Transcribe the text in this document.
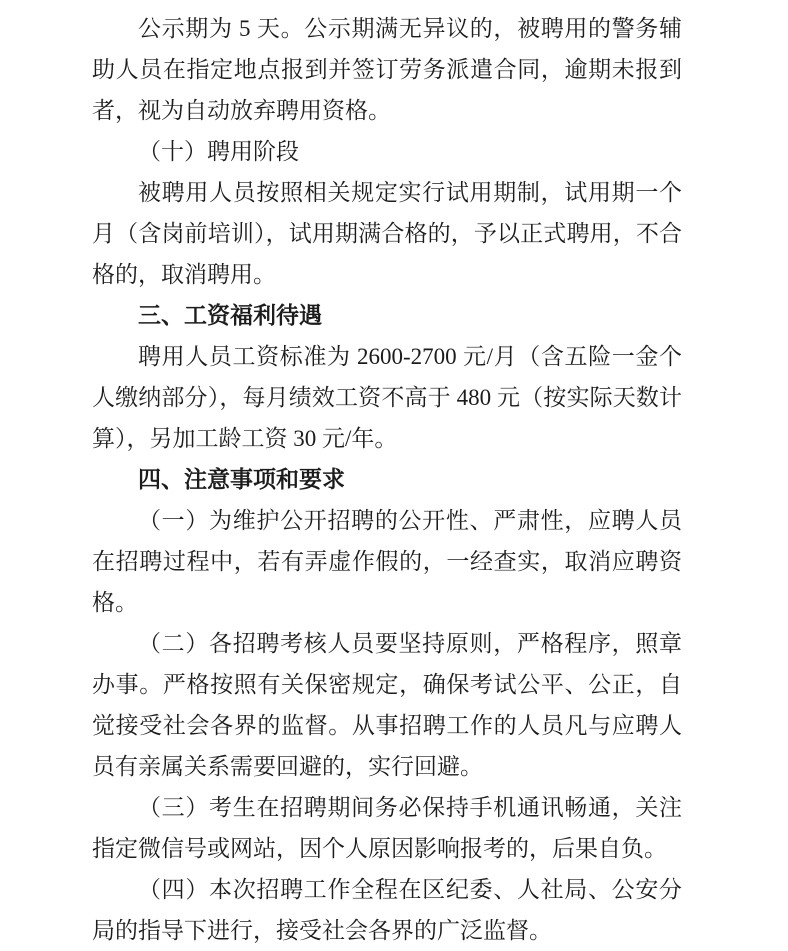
公示期为 5 天。公示期满无异议的，被聘用的警务辅助人员在指定地点报到并签订劳务派遣合同，逾期未报到者，视为自动放弃聘用资格。

（十）聘用阶段

被聘用人员按照相关规定实行试用期制，试用期一个月（含岗前培训），试用期满合格的，予以正式聘用，不合格的，取消聘用。

三、工资福利待遇

聘用人员工资标准为 2600-2700 元/月（含五险一金个人缴纳部分），每月绩效工资不高于 480 元（按实际天数计算），另加工龄工资 30 元/年。

四、注意事项和要求

（一）为维护公开招聘的公开性、严肃性，应聘人员在招聘过程中，若有弄虚作假的，一经查实，取消应聘资格。

（二）各招聘考核人员要坚持原则，严格程序，照章办事。严格按照有关保密规定，确保考试公平、公正，自觉接受社会各界的监督。从事招聘工作的人员凡与应聘人员有亲属关系需要回避的，实行回避。

（三）考生在招聘期间务必保持手机通讯畅通，关注指定微信号或网站，因个人原因影响报考的，后果自负。

（四）本次招聘工作全程在区纪委、人社局、公安分局的指导下进行，接受社会各界的广泛监督。
